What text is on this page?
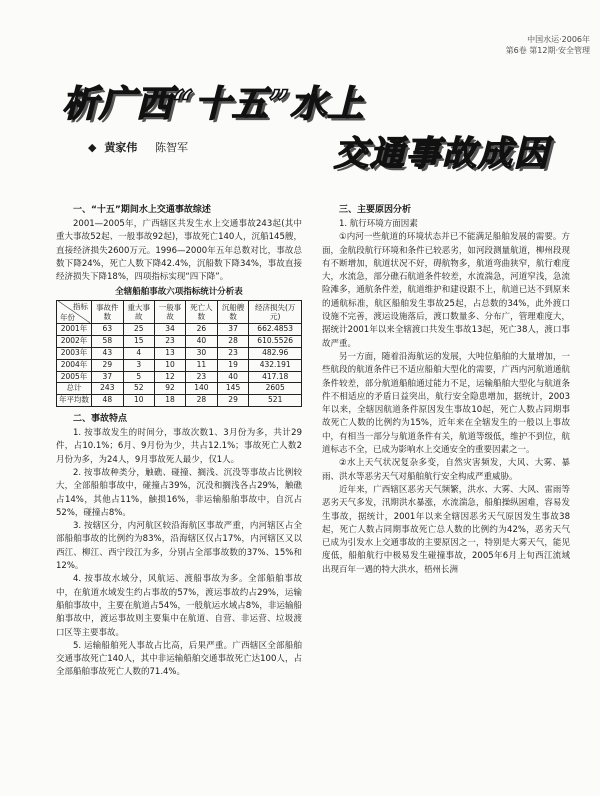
中国水运·2006年
第6卷 第12期·安全管理
析广西“十五”水上
交通事故成因
◆ 黄家伟 陈智军
一、“十五”期间水上交通事故综述

2001—2005年，广西辖区共发生水上交通事故243起(其中重大事故52起、一般事故92起)，事故死亡140人，沉船145艘，直接经济损失2600万元。1996—2000年五年总数对比，事故总数下降24%，死亡人数下降42.4%，沉船数下降34%，事故直接经济损失下降18%，四项指标实现“四下降”。

全辖船舶事故六项指标统计分析表
指标
年份	事故件数	重大事故	一般事故	死亡人数	沉船艘数	经济损失(万元)
2001年	63	25	34	26	37	662.4853
2002年	58	15	23	40	28	610.5526
2003年	43	4	13	30	23	482.96
2004年	29	3	10	11	19	432.191
2005年	37	5	12	23	40	417.18
总计	243	52	92	140	145	2605
年平均数	48	10	18	28	29	521
二、事故特点

1. 按事故发生的时间分，事故次数1、3月份为多，共计29件，占10.1%；6月、9月份为少，共占12.1%；事故死亡人数2月份为多，为24人，9月事故死人最少，仅1人。

2. 按事故种类分，触礁、碰撞、搁浅、沉没等事故占比例较大，全部船舶事故中，碰撞占39%，沉没和搁浅各占29%，触礁占14%，其他占11%，触损16%，非运输船舶事故中，自沉占52%，碰撞占8%。

3. 按辖区分，内河航区较沿海航区事故严重，内河辖区占全部船舶事故的比例约为83%，沿海辖区仅占17%，内河辖区又以西江、柳江、西宁段江为多，分别占全部事故数的37%、15%和12%。

4. 按事故水域分，风航运、渡船事故为多。全部船舶事故中，在航道水域发生约占事故的57%，渡运事故约占29%，运输船舶事故中，主要在航道占54%，一般航运水域占8%，非运输船舶事故中，渡运事故则主要集中在航道、自营、非运营、垃圾渡口区等主要事故。

5. 运输船舶死人事故占比高，后果严重。广西辖区全部船舶交通事故死亡140人，其中非运输船舶交通事故死亡达100人，占全部船舶事故死亡人数的71.4%。

三、主要原因分析
1. 航行环境方面因素

①内河一些航道的环境状态并已不能满足船舶发展的需要。方面，金航段航行环境和条件已较恶劣，如河段测量航道，柳州段现有不断增加，航道状况不好，碍航物多，航道弯曲狭窄，航行难度大，水流急，部分礁石航道条件较差，水流湍急，河道窄浅，急流险滩多，通航条件差，航道维护和建设跟不上，航道已达不到原来的通航标准，航区船舶发生事故25起，占总数的34%，此外渡口设施不完善，渡运设施落后，渡口数量多、分布广，管理难度大，据统计2001年以来全辖渡口共发生事故13起，死亡38人，渡口事故严重。

另一方面，随着沿海航运的发展，大吨位船舶的大量增加，一些航段的航道条件已不适应船舶大型化的需要，广西内河航道通航条件较差，部分航道船舶通过能力不足，运输船舶大型化与航道条件不相适应的矛盾日益突出，航行安全隐患增加，据统计，2003年以来，全辖因航道条件原因发生事故10起，死亡人数占同期事故死亡人数的比例约为15%，近年来在全辖发生的一般以上事故中，有相当一部分与航道条件有关，航道等级低，维护不到位，航道标志不全，已成为影响水上交通安全的重要因素之一。

②水上天气状况复杂多变，自然灾害频发，大风、大雾、暴雨、洪水等恶劣天气对船舶航行安全构成严重威胁。

近年来，广西辖区恶劣天气频繁，洪水、大雾、大风、雷雨等恶劣天气多发，汛期洪水暴涨，水流湍急，船舶操纵困难，容易发生事故，据统计，2001年以来全辖因恶劣天气原因发生事故38起，死亡人数占同期事故死亡总人数的比例约为42%，恶劣天气已成为引发水上交通事故的主要原因之一，特别是大雾天气，能见度低，船舶航行中极易发生碰撞事故，2005年6月上旬西江流域出现百年一遇的特大洪水，梧州长洲
